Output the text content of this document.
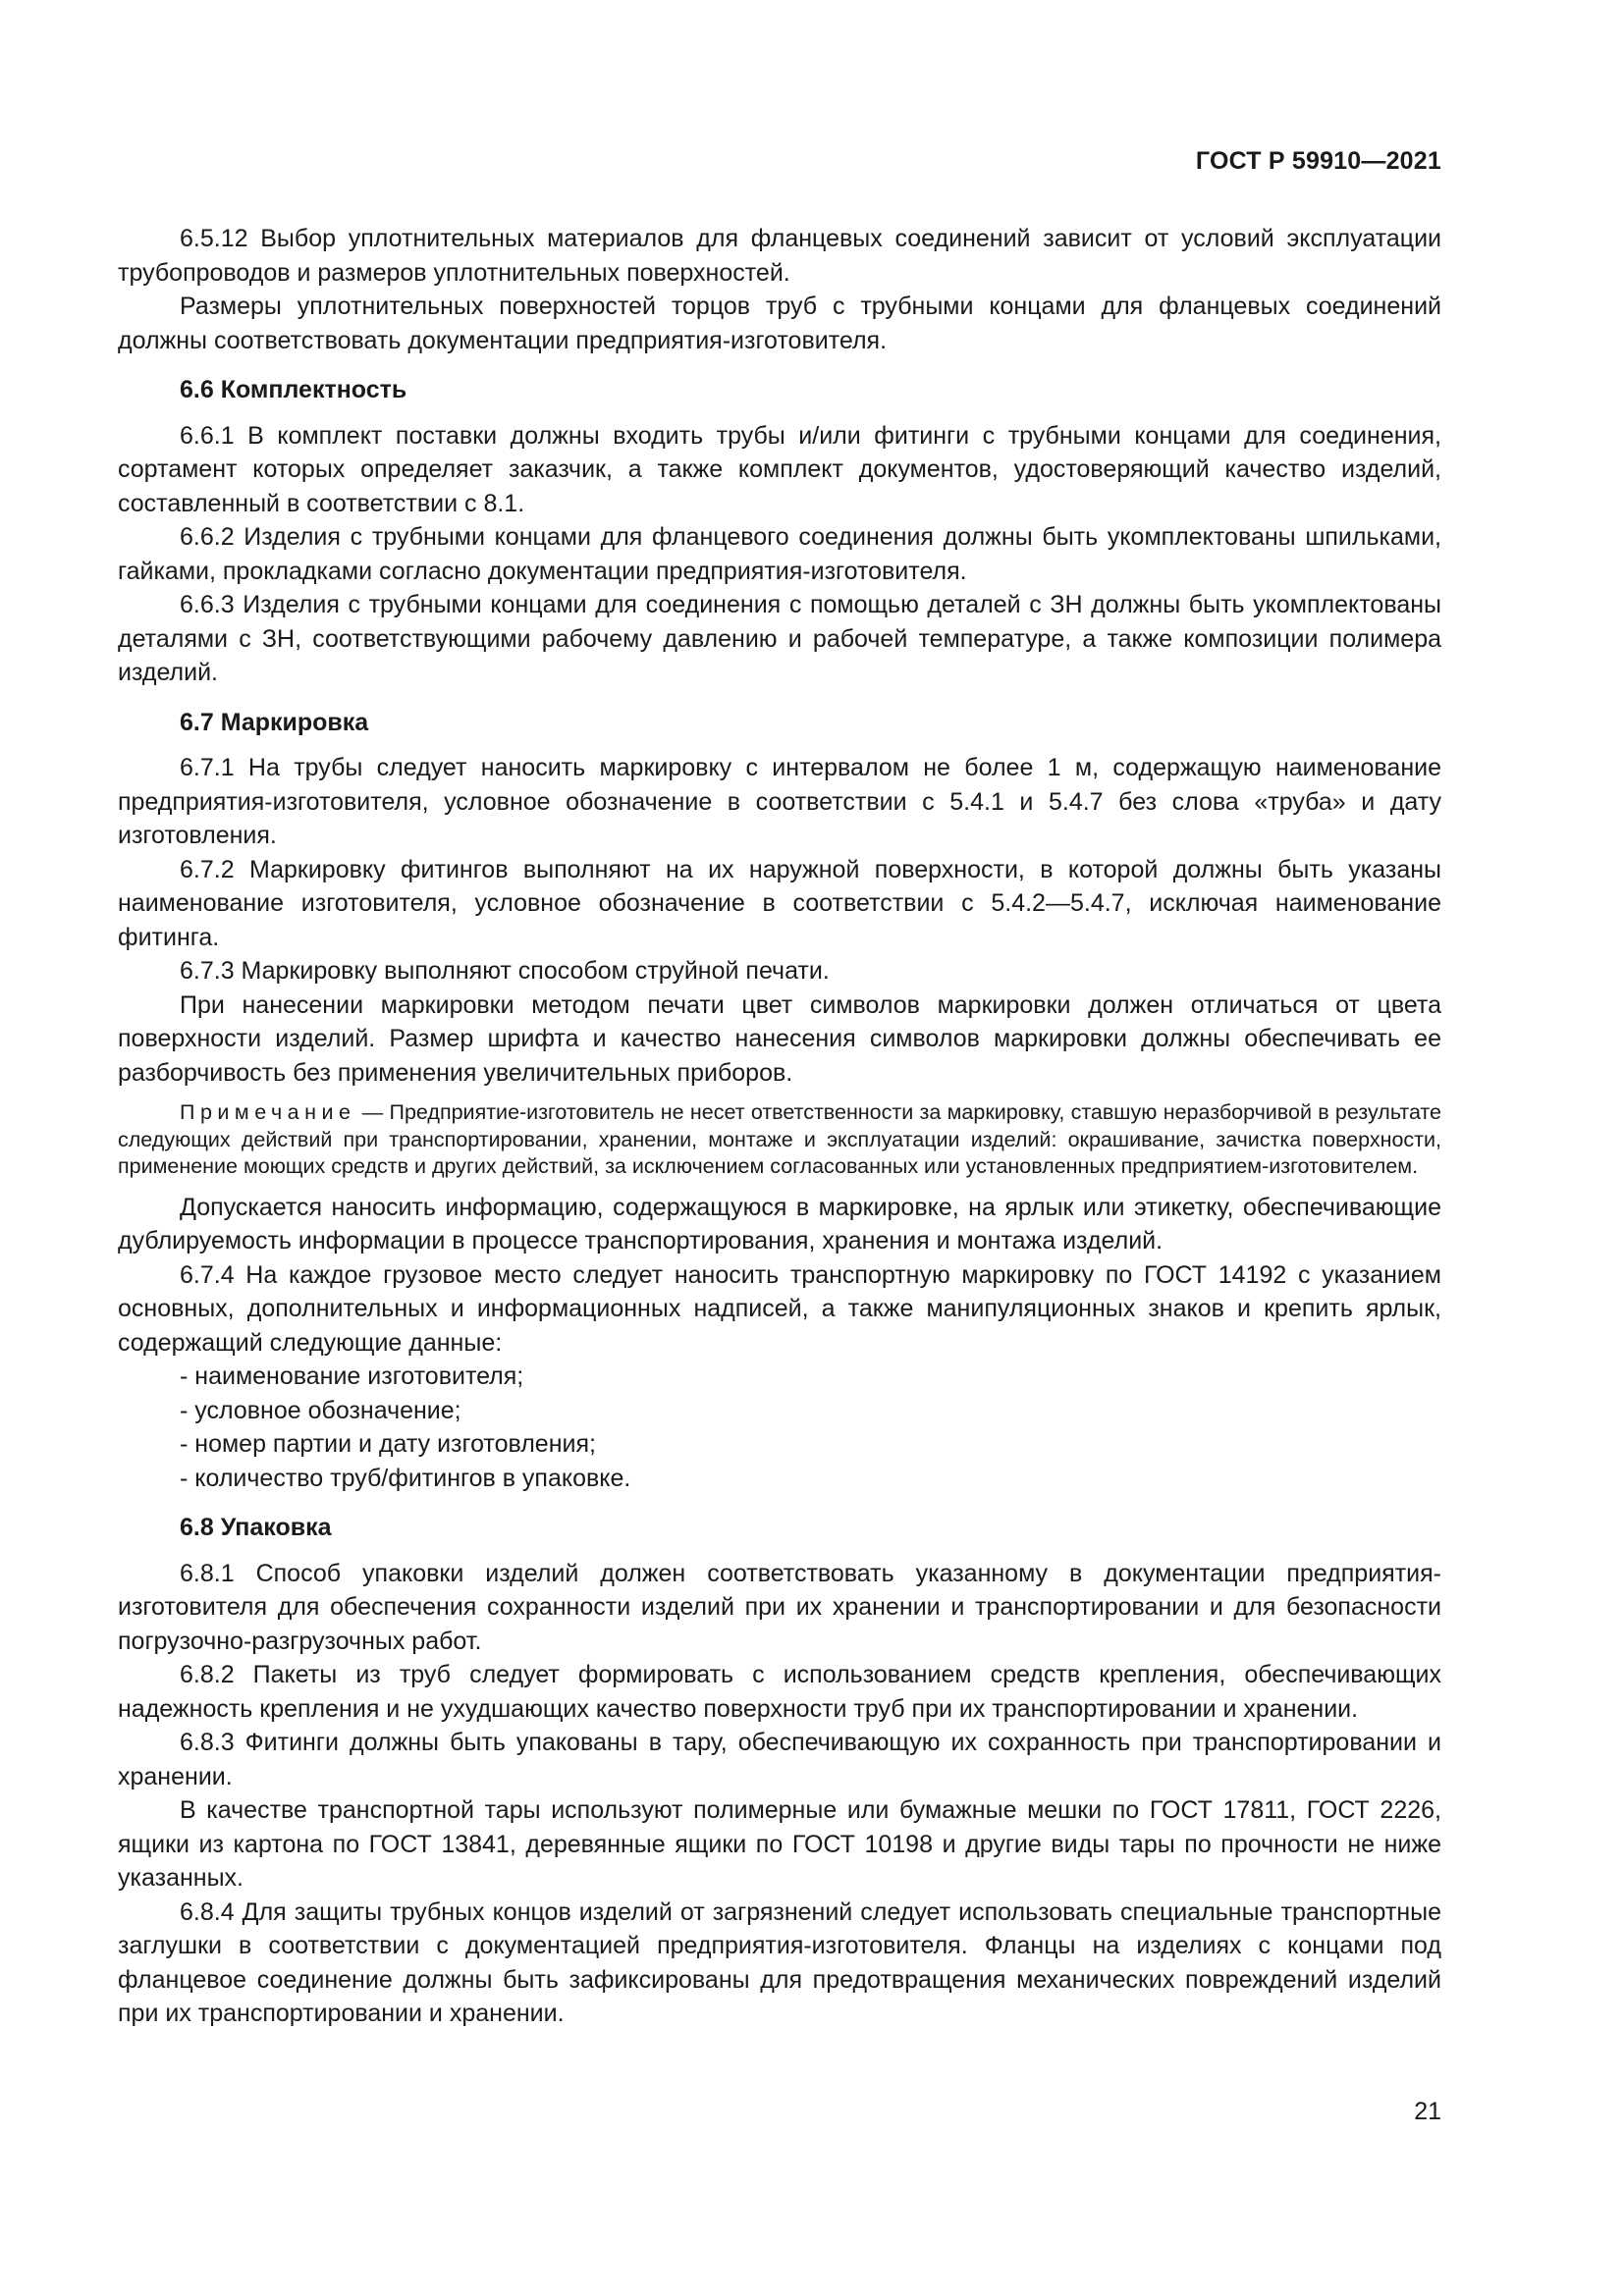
ГОСТ Р 59910—2021

6.5.12 Выбор уплотнительных материалов для фланцевых соединений зависит от условий эксплуатации трубопроводов и размеров уплотнительных поверхностей.

Размеры уплотнительных поверхностей торцов труб с трубными концами для фланцевых соединений должны соответствовать документации предприятия-изготовителя.

6.6 Комплектность

6.6.1 В комплект поставки должны входить трубы и/или фитинги с трубными концами для соединения, сортамент которых определяет заказчик, а также комплект документов, удостоверяющий качество изделий, составленный в соответствии с 8.1.

6.6.2 Изделия с трубными концами для фланцевого соединения должны быть укомплектованы шпильками, гайками, прокладками согласно документации предприятия-изготовителя.

6.6.3 Изделия с трубными концами для соединения с помощью деталей с ЗН должны быть укомплектованы деталями с ЗН, соответствующими рабочему давлению и рабочей температуре, а также композиции полимера изделий.

6.7 Маркировка

6.7.1 На трубы следует наносить маркировку с интервалом не более 1 м, содержащую наименование предприятия-изготовителя, условное обозначение в соответствии с 5.4.1 и 5.4.7 без слова «труба» и дату изготовления.

6.7.2 Маркировку фитингов выполняют на их наружной поверхности, в которой должны быть указаны наименование изготовителя, условное обозначение в соответствии с 5.4.2—5.4.7, исключая наименование фитинга.

6.7.3 Маркировку выполняют способом струйной печати.

При нанесении маркировки методом печати цвет символов маркировки должен отличаться от цвета поверхности изделий. Размер шрифта и качество нанесения символов маркировки должны обеспечивать ее разборчивость без применения увеличительных приборов.

Примечание — Предприятие-изготовитель не несет ответственности за маркировку, ставшую неразборчивой в результате следующих действий при транспортировании, хранении, монтаже и эксплуатации изделий: окрашивание, зачистка поверхности, применение моющих средств и других действий, за исключением согласованных или установленных предприятием-изготовителем.

Допускается наносить информацию, содержащуюся в маркировке, на ярлык или этикетку, обеспечивающие дублируемость информации в процессе транспортирования, хранения и монтажа изделий.

6.7.4 На каждое грузовое место следует наносить транспортную маркировку по ГОСТ 14192 с указанием основных, дополнительных и информационных надписей, а также манипуляционных знаков и крепить ярлык, содержащий следующие данные:

- наименование изготовителя;
- условное обозначение;
- номер партии и дату изготовления;
- количество труб/фитингов в упаковке.
6.8 Упаковка

6.8.1 Способ упаковки изделий должен соответствовать указанному в документации предприятия-изготовителя для обеспечения сохранности изделий при их хранении и транспортировании и для безопасности погрузочно-разгрузочных работ.

6.8.2 Пакеты из труб следует формировать с использованием средств крепления, обеспечивающих надежность крепления и не ухудшающих качество поверхности труб при их транспортировании и хранении.

6.8.3 Фитинги должны быть упакованы в тару, обеспечивающую их сохранность при транспортировании и хранении.

В качестве транспортной тары используют полимерные или бумажные мешки по ГОСТ 17811, ГОСТ 2226, ящики из картона по ГОСТ 13841, деревянные ящики по ГОСТ 10198 и другие виды тары по прочности не ниже указанных.

6.8.4 Для защиты трубных концов изделий от загрязнений следует использовать специальные транспортные заглушки в соответствии с документацией предприятия-изготовителя. Фланцы на изделиях с концами под фланцевое соединение должны быть зафиксированы для предотвращения механических повреждений изделий при их транспортировании и хранении.

21
